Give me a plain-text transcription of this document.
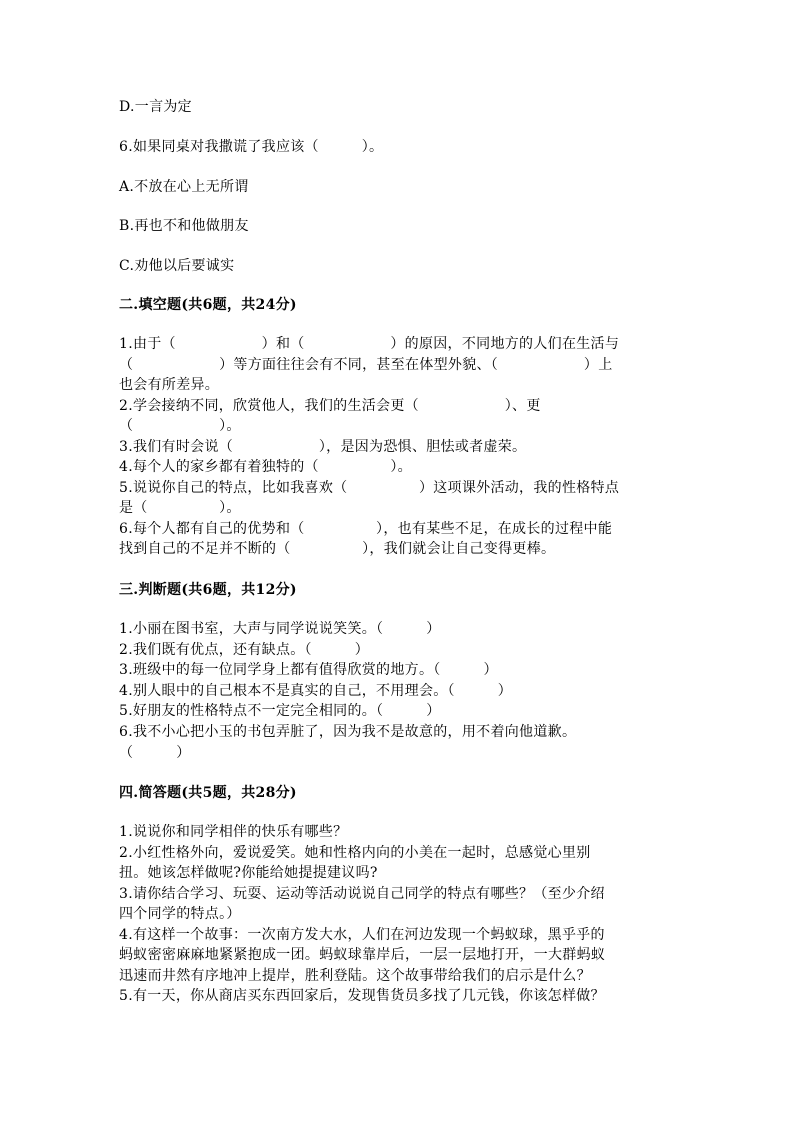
D.一言为定
6.如果同桌对我撒谎了我应该（　　　）。
A.不放在心上无所谓
B.再也不和他做朋友
C.劝他以后要诚实
二.填空题(共6题，共24分)
1.由于（　　　　　　）和（　　　　　　）的原因，不同地方的人们在生活与
（　　　　　　）等方面往往会有不同，甚至在体型外貌、（　　　　　　）上
也会有所差异。
2.学会接纳不同，欣赏他人，我们的生活会更（　　　　　　）、更
（　　　　　　）。
3.我们有时会说（　　　　　　），是因为恐惧、胆怯或者虚荣。
4.每个人的家乡都有着独特的（　　　　　）。
5.说说你自己的特点，比如我喜欢（　　　　　）这项课外活动，我的性格特点
是（　　　　　）。
6.每个人都有自己的优势和（　　　　　），也有某些不足，在成长的过程中能
找到自己的不足并不断的（　　　　　），我们就会让自己变得更棒。
三.判断题(共6题，共12分)
1.小丽在图书室，大声与同学说说笑笑。（　　　）
2.我们既有优点，还有缺点。（　　　）
3.班级中的每一位同学身上都有值得欣赏的地方。（　　　）
4.别人眼中的自己根本不是真实的自己，不用理会。（　　　）
5.好朋友的性格特点不一定完全相同的。（　　　）
6.我不小心把小玉的书包弄脏了，因为我不是故意的，用不着向他道歉。
（　　　）
四.简答题(共5题，共28分)
1.说说你和同学相伴的快乐有哪些？
2.小红性格外向，爱说爱笑。她和性格内向的小美在一起时，总感觉心里别
扭。她该怎样做呢?你能给她提提建议吗?
3.请你结合学习、玩耍、运动等活动说说自己同学的特点有哪些？（至少介绍
四个同学的特点。）
4.有这样一个故事：一次南方发大水，人们在河边发现一个蚂蚁球，黑乎乎的
蚂蚁密密麻麻地紧紧抱成一团。蚂蚁球靠岸后，一层一层地打开，一大群蚂蚁
迅速而井然有序地冲上提岸，胜利登陆。这个故事带给我们的启示是什么？
5.有一天，你从商店买东西回家后，发现售货员多找了几元钱，你该怎样做？
